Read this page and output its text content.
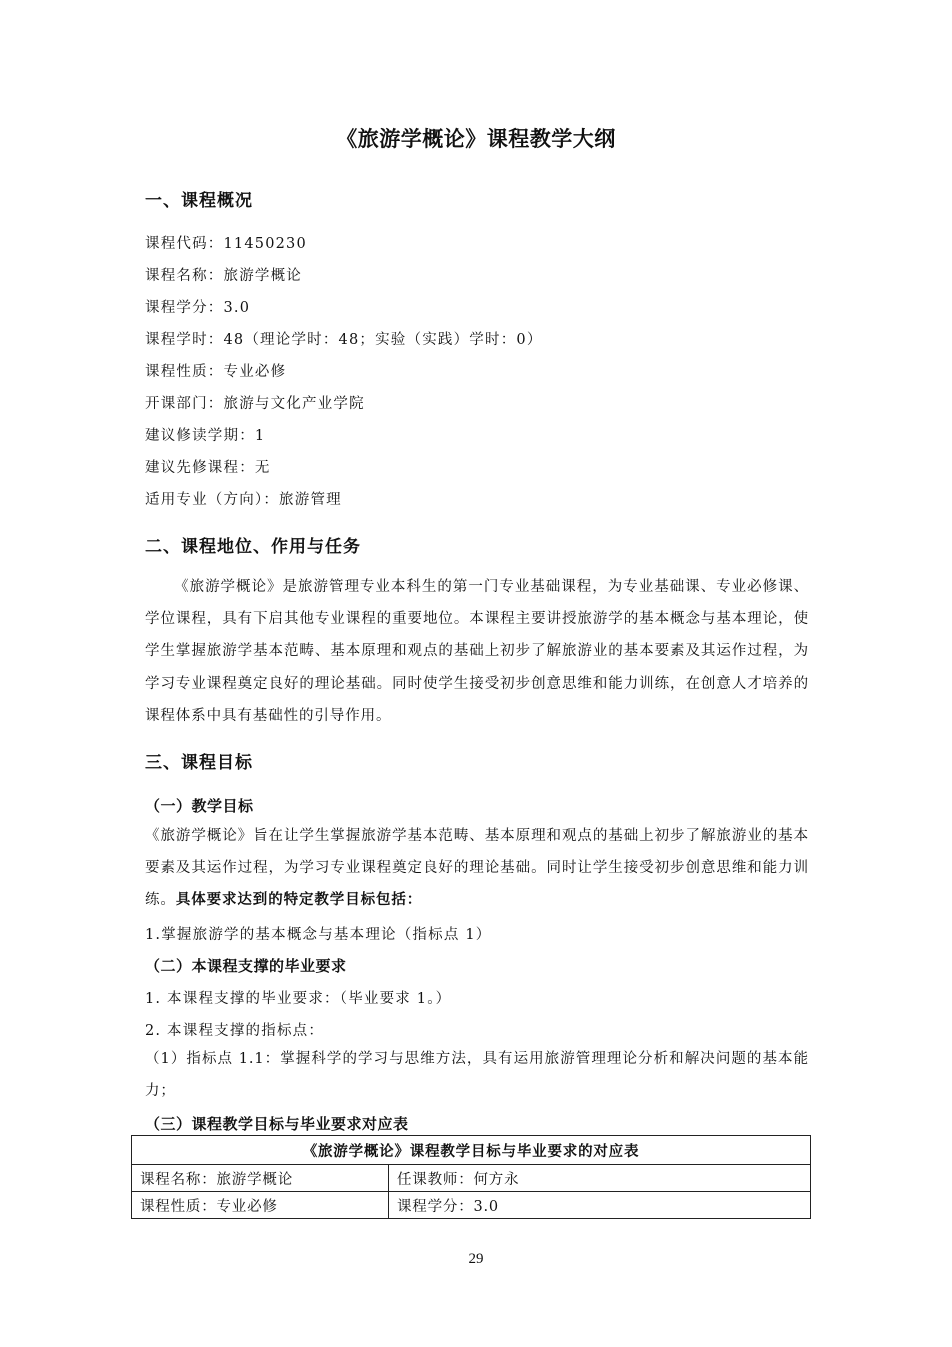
《旅游学概论》课程教学大纲
一、课程概况
课程代码：11450230
课程名称：旅游学概论
课程学分：3.0
课程学时：48（理论学时：48；实验（实践）学时：0）
课程性质：专业必修
开课部门：旅游与文化产业学院
建议修读学期：1
建议先修课程：无
适用专业（方向）：旅游管理
二、课程地位、作用与任务

《旅游学概论》是旅游管理专业本科生的第一门专业基础课程，为专业基础课、专业必修课、学位课程，具有下启其他专业课程的重要地位。本课程主要讲授旅游学的基本概念与基本理论，使学生掌握旅游学基本范畴、基本原理和观点的基础上初步了解旅游业的基本要素及其运作过程，为学习专业课程奠定良好的理论基础。同时使学生接受初步创意思维和能力训练，在创意人才培养的课程体系中具有基础性的引导作用。

三、课程目标
（一）教学目标

《旅游学概论》旨在让学生掌握旅游学基本范畴、基本原理和观点的基础上初步了解旅游业的基本要素及其运作过程，为学习专业课程奠定良好的理论基础。同时让学生接受初步创意思维和能力训练。具体要求达到的特定教学目标包括：

1.掌握旅游学的基本概念与基本理论（指标点 1）
（二）本课程支撑的毕业要求
1. 本课程支撑的毕业要求：（毕业要求 1。）
2. 本课程支撑的指标点：

（1）指标点 1.1：掌握科学的学习与思维方法，具有运用旅游管理理论分析和解决问题的基本能力；

（三）课程教学目标与毕业要求对应表
《旅游学概论》课程教学目标与毕业要求的对应表	
课程名称：旅游学概论	任课教师：何方永
课程性质：专业必修	课程学分：3.0
29
